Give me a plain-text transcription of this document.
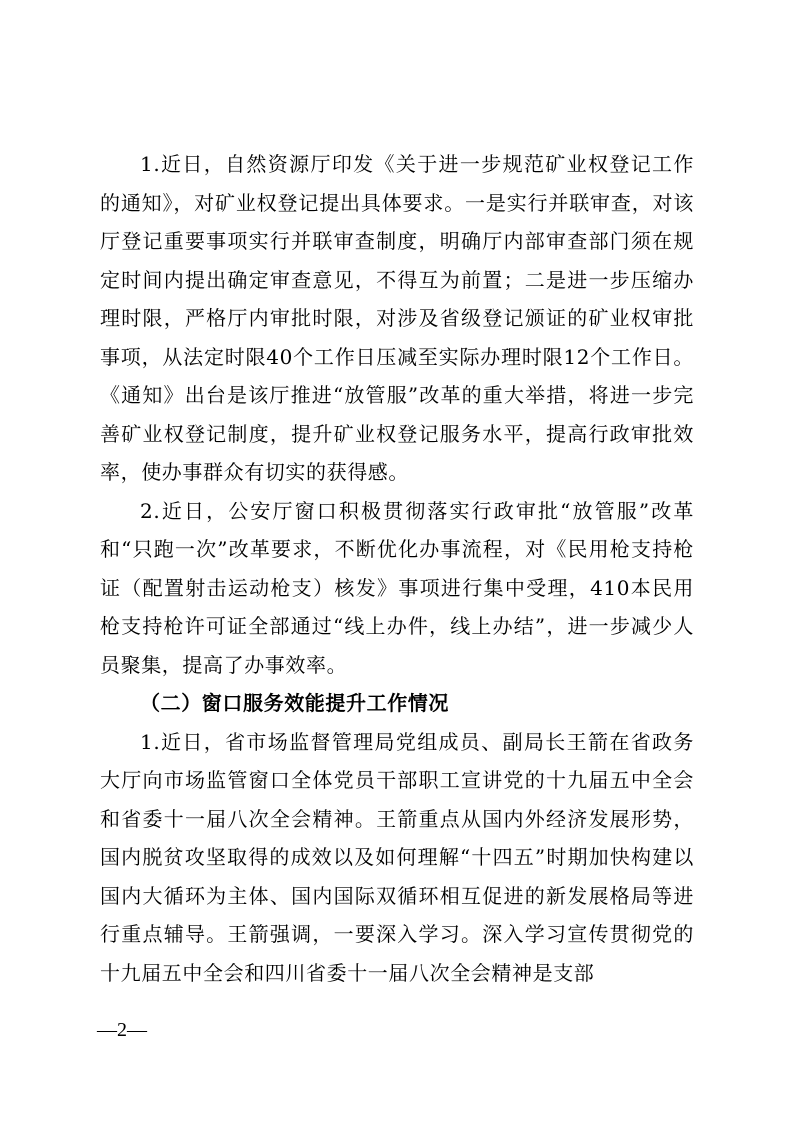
1.近日，自然资源厅印发《关于进一步规范矿业权登记工作的通知》，对矿业权登记提出具体要求。一是实行并联审查，对该厅登记重要事项实行并联审查制度，明确厅内部审查部门须在规定时间内提出确定审查意见，不得互为前置；二是进一步压缩办理时限，严格厅内审批时限，对涉及省级登记颁证的矿业权审批事项，从法定时限40个工作日压减至实际办理时限12个工作日。《通知》出台是该厅推进“放管服”改革的重大举措，将进一步完善矿业权登记制度，提升矿业权登记服务水平，提高行政审批效率，使办事群众有切实的获得感。

2.近日，公安厅窗口积极贯彻落实行政审批“放管服”改革和“只跑一次”改革要求，不断优化办事流程，对《民用枪支持枪证（配置射击运动枪支）核发》事项进行集中受理，410本民用枪支持枪许可证全部通过“线上办件，线上办结”，进一步减少人员聚集，提高了办事效率。

（二）窗口服务效能提升工作情况

1.近日，省市场监督管理局党组成员、副局长王箭在省政务大厅向市场监管窗口全体党员干部职工宣讲党的十九届五中全会和省委十一届八次全会精神。王箭重点从国内外经济发展形势，国内脱贫攻坚取得的成效以及如何理解“十四五”时期加快构建以国内大循环为主体、国内国际双循环相互促进的新发展格局等进行重点辅导。王箭强调，一要深入学习。深入学习宣传贯彻党的十九届五中全会和四川省委十一届八次全会精神是支部

—2—
